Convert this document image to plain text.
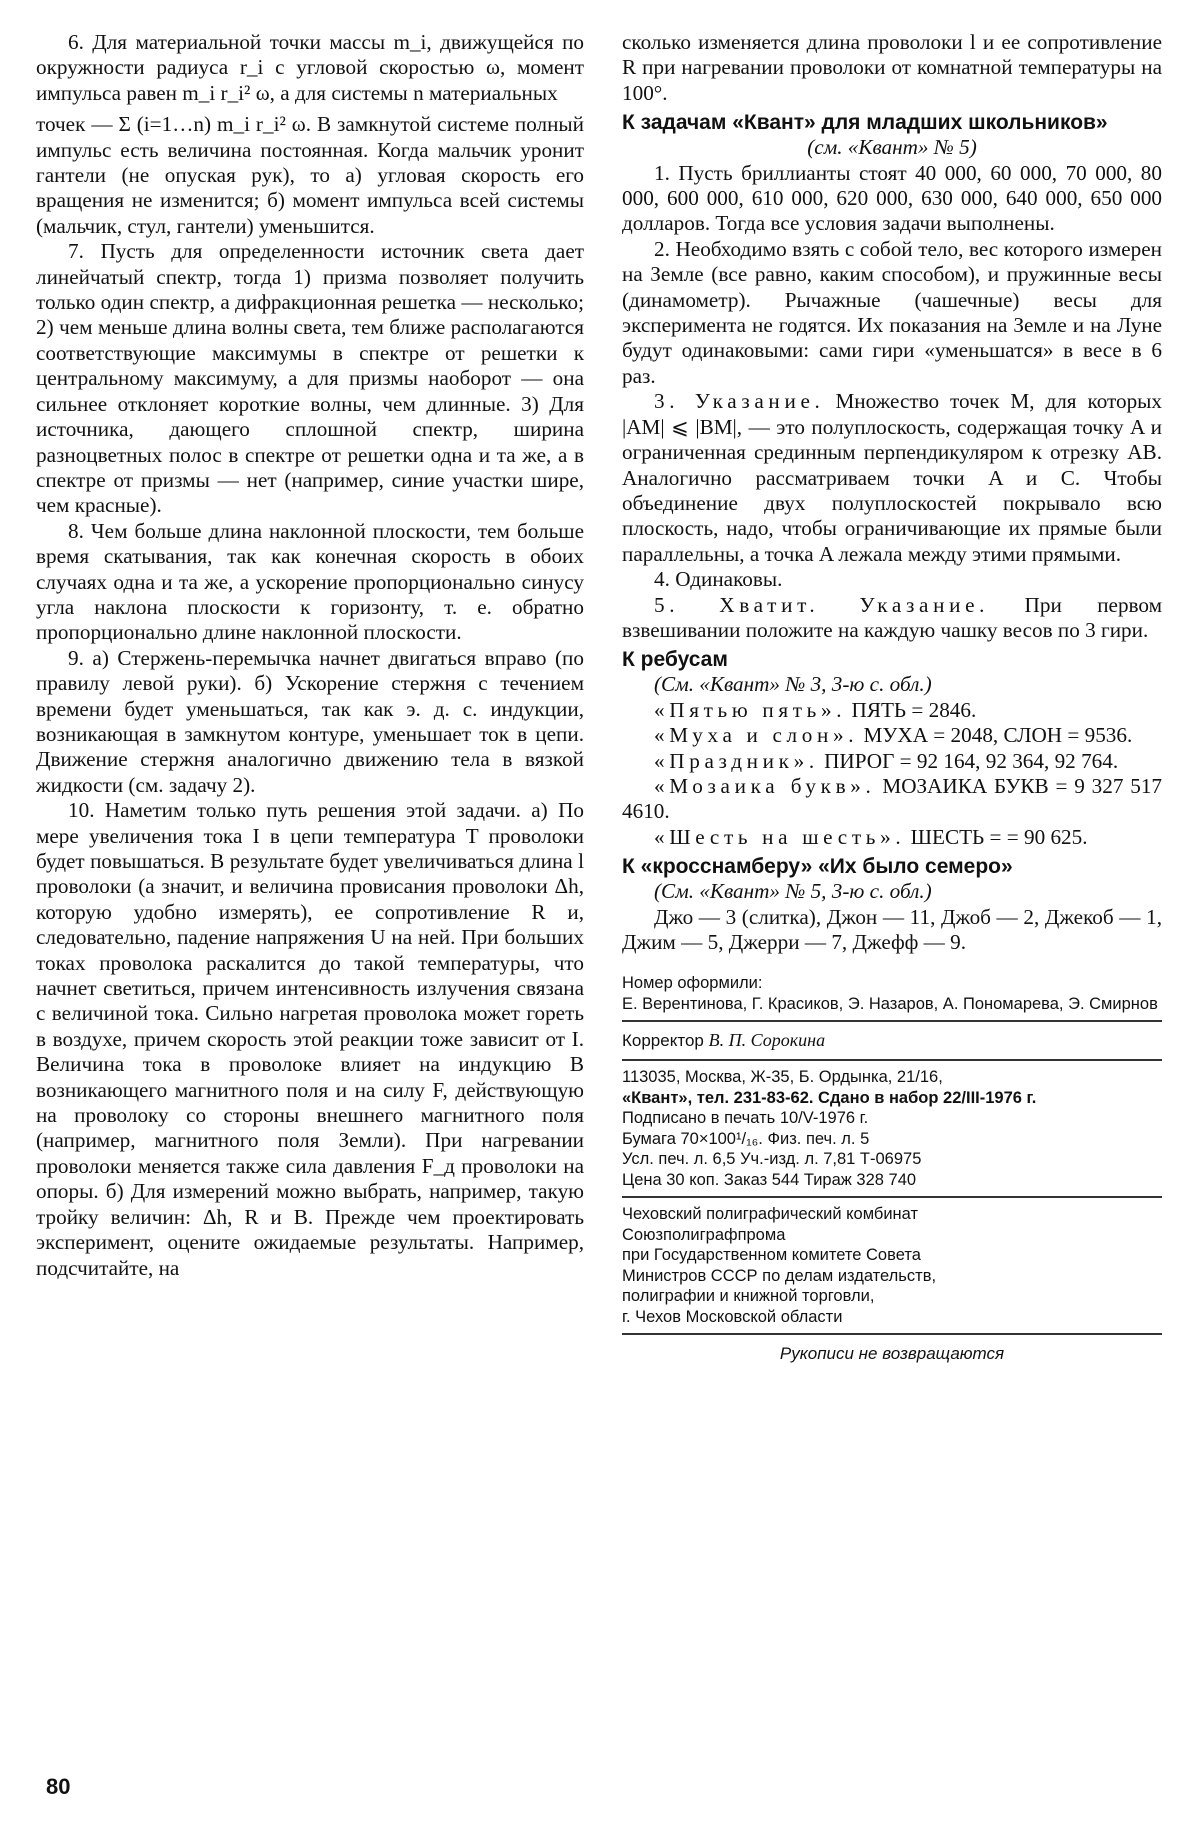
6. Для материальной точки массы m_i, движущейся по окружности радиуса r_i с угловой скоростью ω, момент импульса равен m_i r_i² ω, а для системы n материальных

точек — Σ (i=1…n) m_i r_i² ω. В замкнутой системе полный импульс есть величина постоянная. Когда мальчик уронит гантели (не опуская рук), то а) угловая скорость его вращения не изменится; б) момент импульса всей системы (мальчик, стул, гантели) уменьшится.

7. Пусть для определенности источник света дает линейчатый спектр, тогда 1) призма позволяет получить только один спектр, а дифракционная решетка — несколько; 2) чем меньше длина волны света, тем ближе располагаются соответствующие максимумы в спектре от решетки к центральному максимуму, а для призмы наоборот — она сильнее отклоняет короткие волны, чем длинные. 3) Для источника, дающего сплошной спектр, ширина разноцветных полос в спектре от решетки одна и та же, а в спектре от призмы — нет (например, синие участки шире, чем красные).

8. Чем больше длина наклонной плоскости, тем больше время скатывания, так как конечная скорость в обоих случаях одна и та же, а ускорение пропорционально синусу угла наклона плоскости к горизонту, т. е. обратно пропорционально длине наклонной плоскости.

9. а) Стержень-перемычка начнет двигаться вправо (по правилу левой руки). б) Ускорение стержня с течением времени будет уменьшаться, так как э. д. с. индукции, возникающая в замкнутом контуре, уменьшает ток в цепи. Движение стержня аналогично движению тела в вязкой жидкости (см. задачу 2).

10. Наметим только путь решения этой задачи. а) По мере увеличения тока I в цепи температура T проволоки будет повышаться. В результате будет увеличиваться длина l проволоки (а значит, и величина провисания проволоки Δh, которую удобно измерять), ее сопротивление R и, следовательно, падение напряжения U на ней. При больших токах проволока раскалится до такой температуры, что начнет светиться, причем интенсивность излучения связана с величиной тока. Сильно нагретая проволока может гореть в воздухе, причем скорость этой реакции тоже зависит от I. Величина тока в проволоке влияет на индукцию B возникающего магнитного поля и на силу F, действующую на проволоку со стороны внешнего магнитного поля (например, магнитного поля Земли). При нагревании проволоки меняется также сила давления F_д проволоки на опоры. б) Для измерений можно выбрать, например, такую тройку величин: Δh, R и B. Прежде чем проектировать эксперимент, оцените ожидаемые результаты. Например, подсчитайте, на

сколько изменяется длина проволоки l и ее сопротивление R при нагревании проволоки от комнатной температуры на 100°.

К задачам «Квант» для младших школьников»

(см. «Квант» № 5)

1. Пусть бриллианты стоят 40 000, 60 000, 70 000, 80 000, 600 000, 610 000, 620 000, 630 000, 640 000, 650 000 долларов. Тогда все условия задачи выполнены.

2. Необходимо взять с собой тело, вес которого измерен на Земле (все равно, каким способом), и пружинные весы (динамометр). Рычажные (чашечные) весы для эксперимента не годятся. Их показания на Земле и на Луне будут одинаковыми: сами гири «уменьшатся» в весе в 6 раз.

3. Указание. Множество точек M, для которых |AM| ⩽ |BM|, — это полуплоскость, содержащая точку A и ограниченная срединным перпендикуляром к отрезку AB. Аналогично рассматриваем точки A и C. Чтобы объединение двух полуплоскостей покрывало всю плоскость, надо, чтобы ограничивающие их прямые были параллельны, а точка A лежала между этими прямыми.

4. Одинаковы.

5. Хватит. Указание. При первом взвешивании положите на каждую чашку весов по 3 гири.

К ребусам

(См. «Квант» № 3, 3-ю с. обл.)

«Пятью пять». ПЯТЬ = 2846.

«Муха и слон». МУХА = 2048, СЛОН = 9536.

«Праздник». ПИРОГ = 92 164, 92 364, 92 764.

«Мозаика букв». МОЗАИКА БУКВ = 9 327 517 4610.

«Шесть на шесть». ШЕСТЬ = = 90 625.

К «кросснамберу» «Их было семеро»

(См. «Квант» № 5, 3-ю с. обл.)

Джо — 3 (слитка), Джон — 11, Джоб — 2, Джекоб — 1, Джим — 5, Джерри — 7, Джефф — 9.

Номер оформили:
Е. Верентинова, Г. Красиков, Э. Назаров, А. Пономарева, Э. Смирнов
Корректор В. П. Сорокина
113035, Москва, Ж-35, Б. Ордынка, 21/16,
«Квант», тел. 231-83-62. Сдано в набор 22/III-1976 г.
Подписано в печать 10/V-1976 г.
Бумага 70×100¹/₁₆. Физ. печ. л. 5
Усл. печ. л. 6,5 Уч.-изд. л. 7,81 Т-06975
Цена 30 коп. Заказ 544 Тираж 328 740
Чеховский полиграфический комбинат
Союзполиграфпрома
при Государственном комитете Совета
Министров СССР по делам издательств,
полиграфии и книжной торговли,
г. Чехов Московской области
Рукописи не возвращаются
80
